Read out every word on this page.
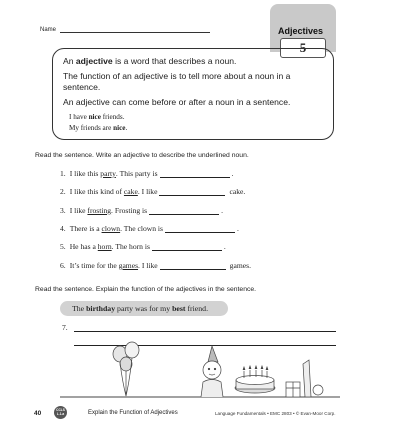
Name	Adjectives
5

An adjective is a word that describes a noun.

The function of an adjective is to tell more about a noun in a sentence.

An adjective can come before or after a noun in a sentence.

I have nice friends.
My friends are nice.
Read the sentence. Write an adjective to describe the underlined noun.
1. I like this party . This party is	.
2. I like this kind of cake . I like	cake.
3. I like frosting . Frosting is	.
4. There is a clown . The clown is	.
5. He has a horn . The horn is	.
6. It’s time for the games . I like	games.
Read the sentence. Explain the function of the adjectives in the sentence.
The birthday party was for my best friend.
7.
40	CCLS
L.1.a	Explain the Function of Adjectives	Language Fundamentals • EMC 2803 • © Evan-Moor Corp.
